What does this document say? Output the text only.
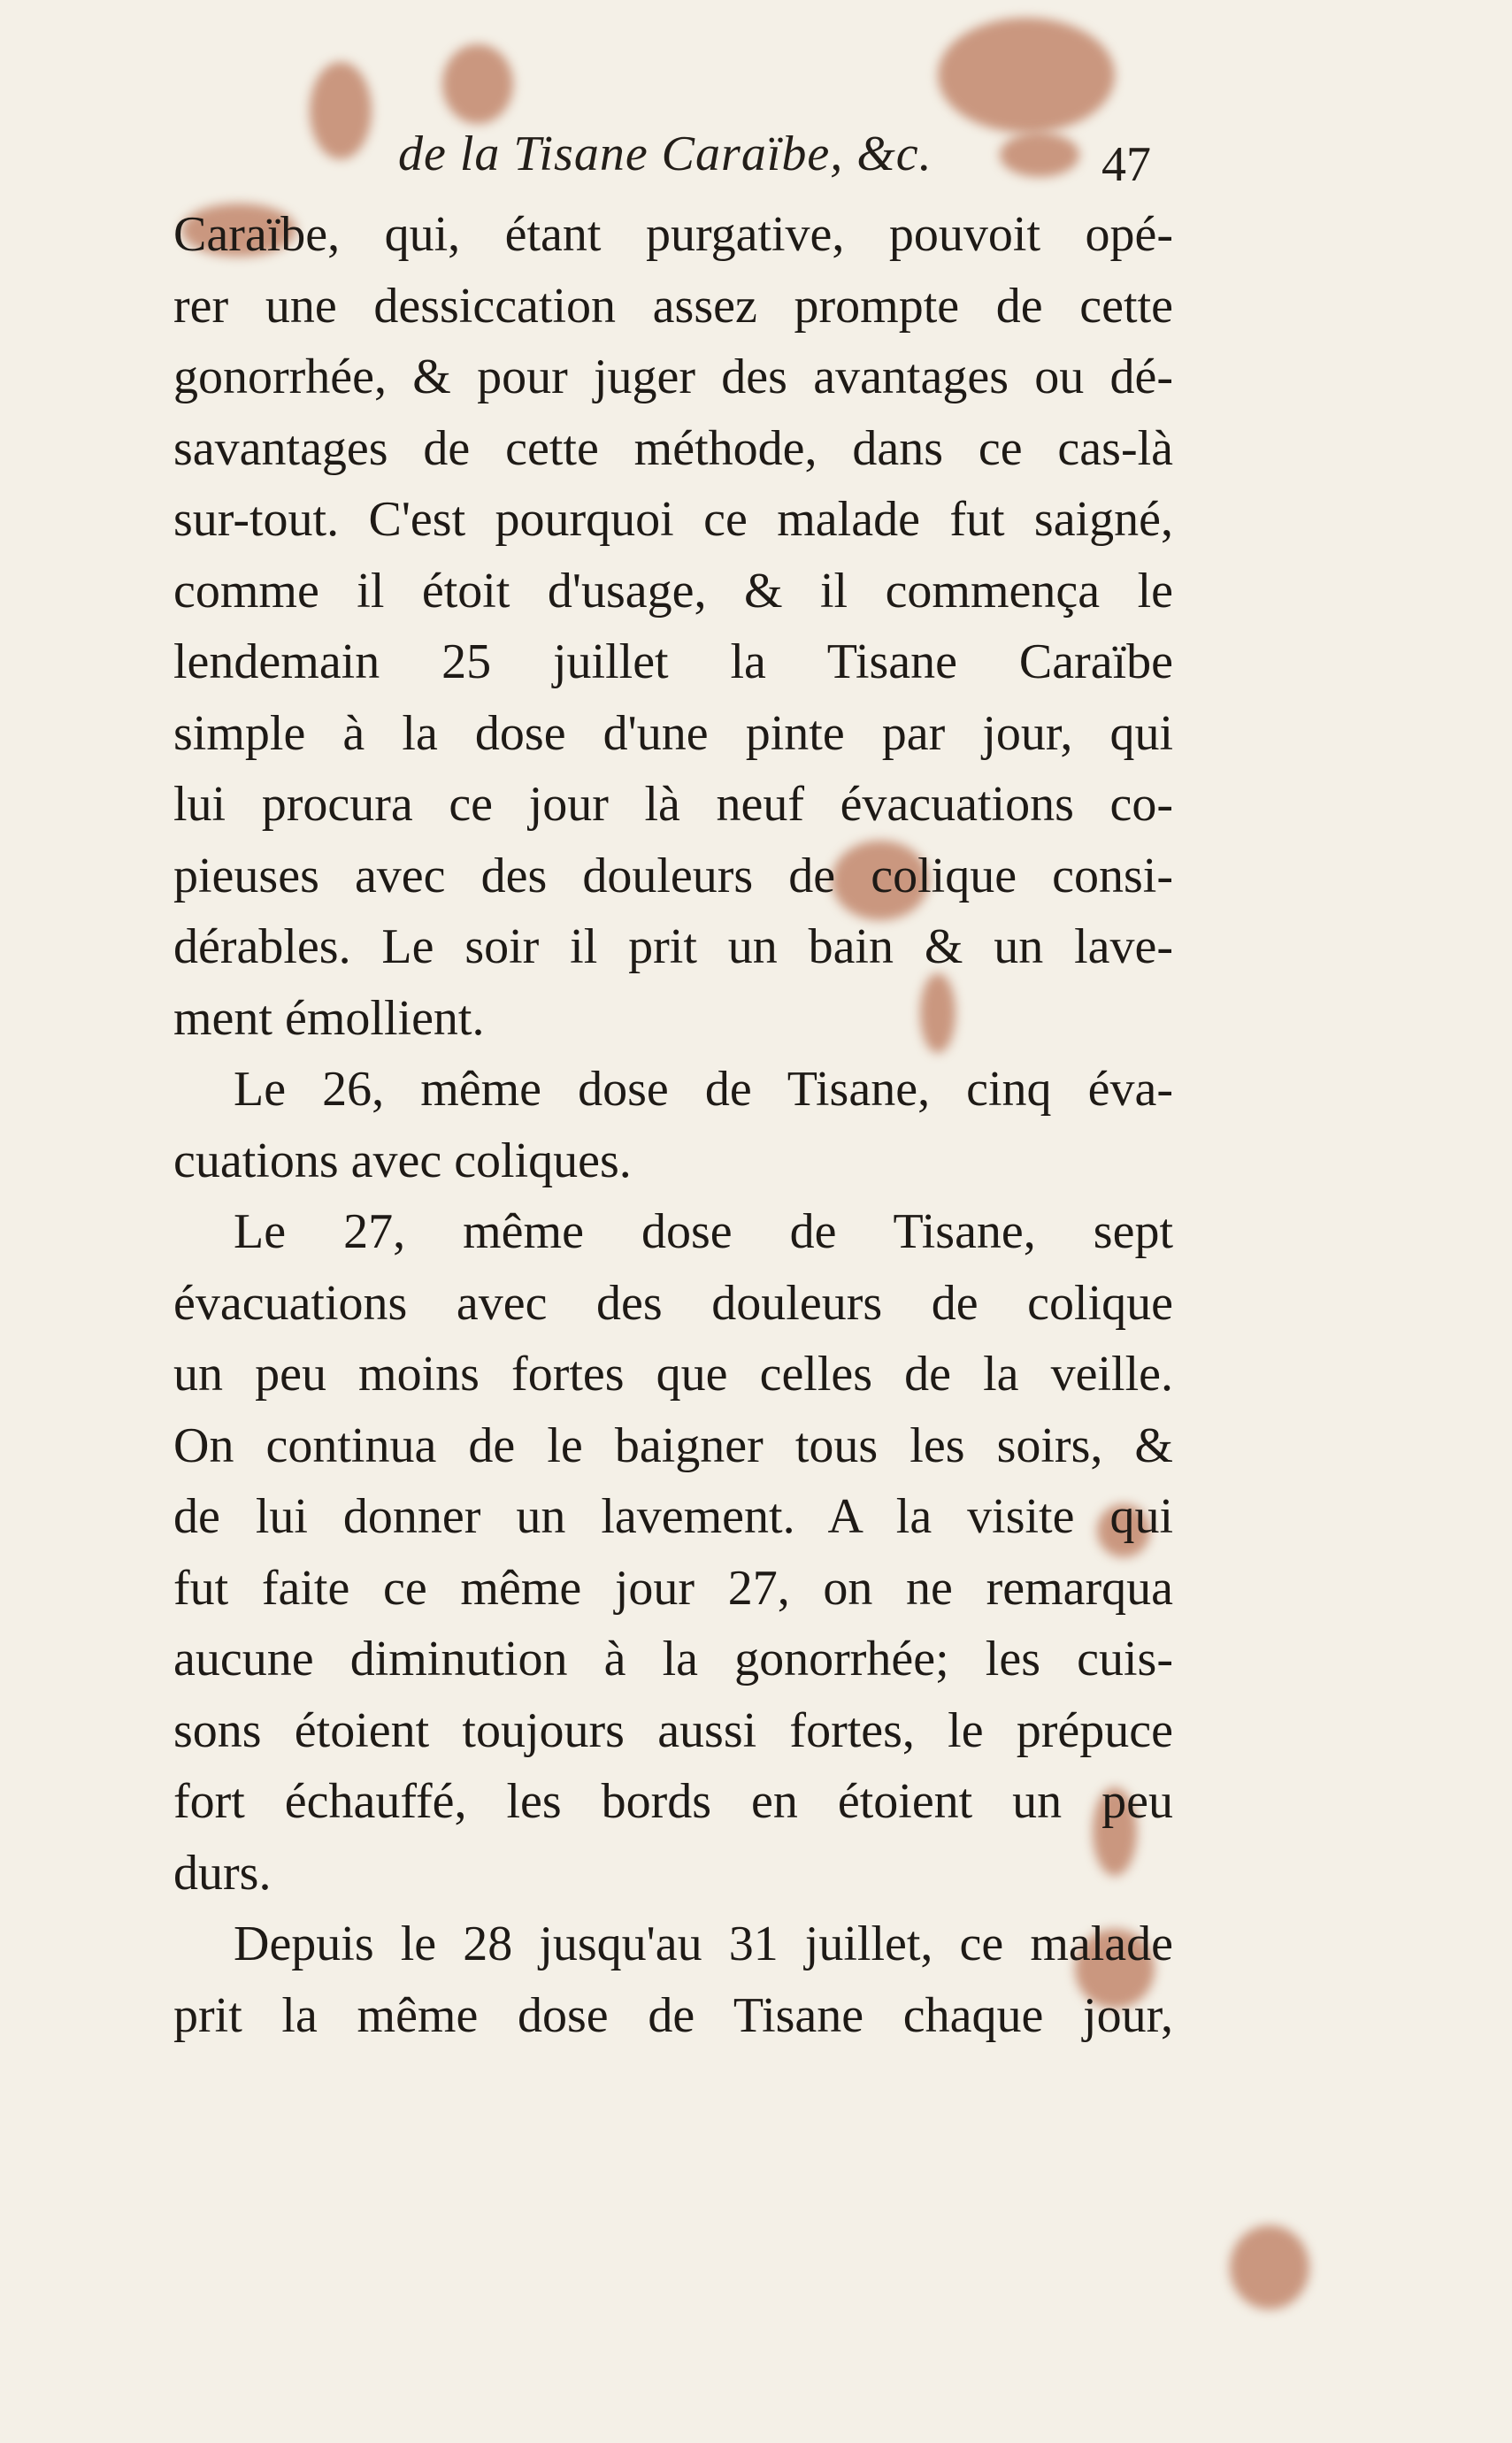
de la Tisane Caraïbe, &c.	47
Caraïbe, qui, étant purgative, pouvoit opé-
rer une dessiccation assez prompte de cette
gonorrhée, & pour juger des avantages ou dé-
savantages de cette méthode, dans ce cas-là
sur-tout. C'est pourquoi ce malade fut saigné,
comme il étoit d'usage, & il commença le
lendemain 25 juillet la Tisane Caraïbe
simple à la dose d'une pinte par jour, qui
lui procura ce jour là neuf évacuations co-
pieuses avec des douleurs de colique consi-
dérables. Le soir il prit un bain & un lave-
ment émollient.
Le 26, même dose de Tisane, cinq éva-
cuations avec coliques.
Le 27, même dose de Tisane, sept
évacuations avec des douleurs de colique
un peu moins fortes que celles de la veille.
On continua de le baigner tous les soirs, &
de lui donner un lavement. A la visite qui
fut faite ce même jour 27, on ne remarqua
aucune diminution à la gonorrhée; les cuis-
sons étoient toujours aussi fortes, le prépuce
fort échauffé, les bords en étoient un peu
durs.
Depuis le 28 jusqu'au 31 juillet, ce malade
prit la même dose de Tisane chaque jour,
